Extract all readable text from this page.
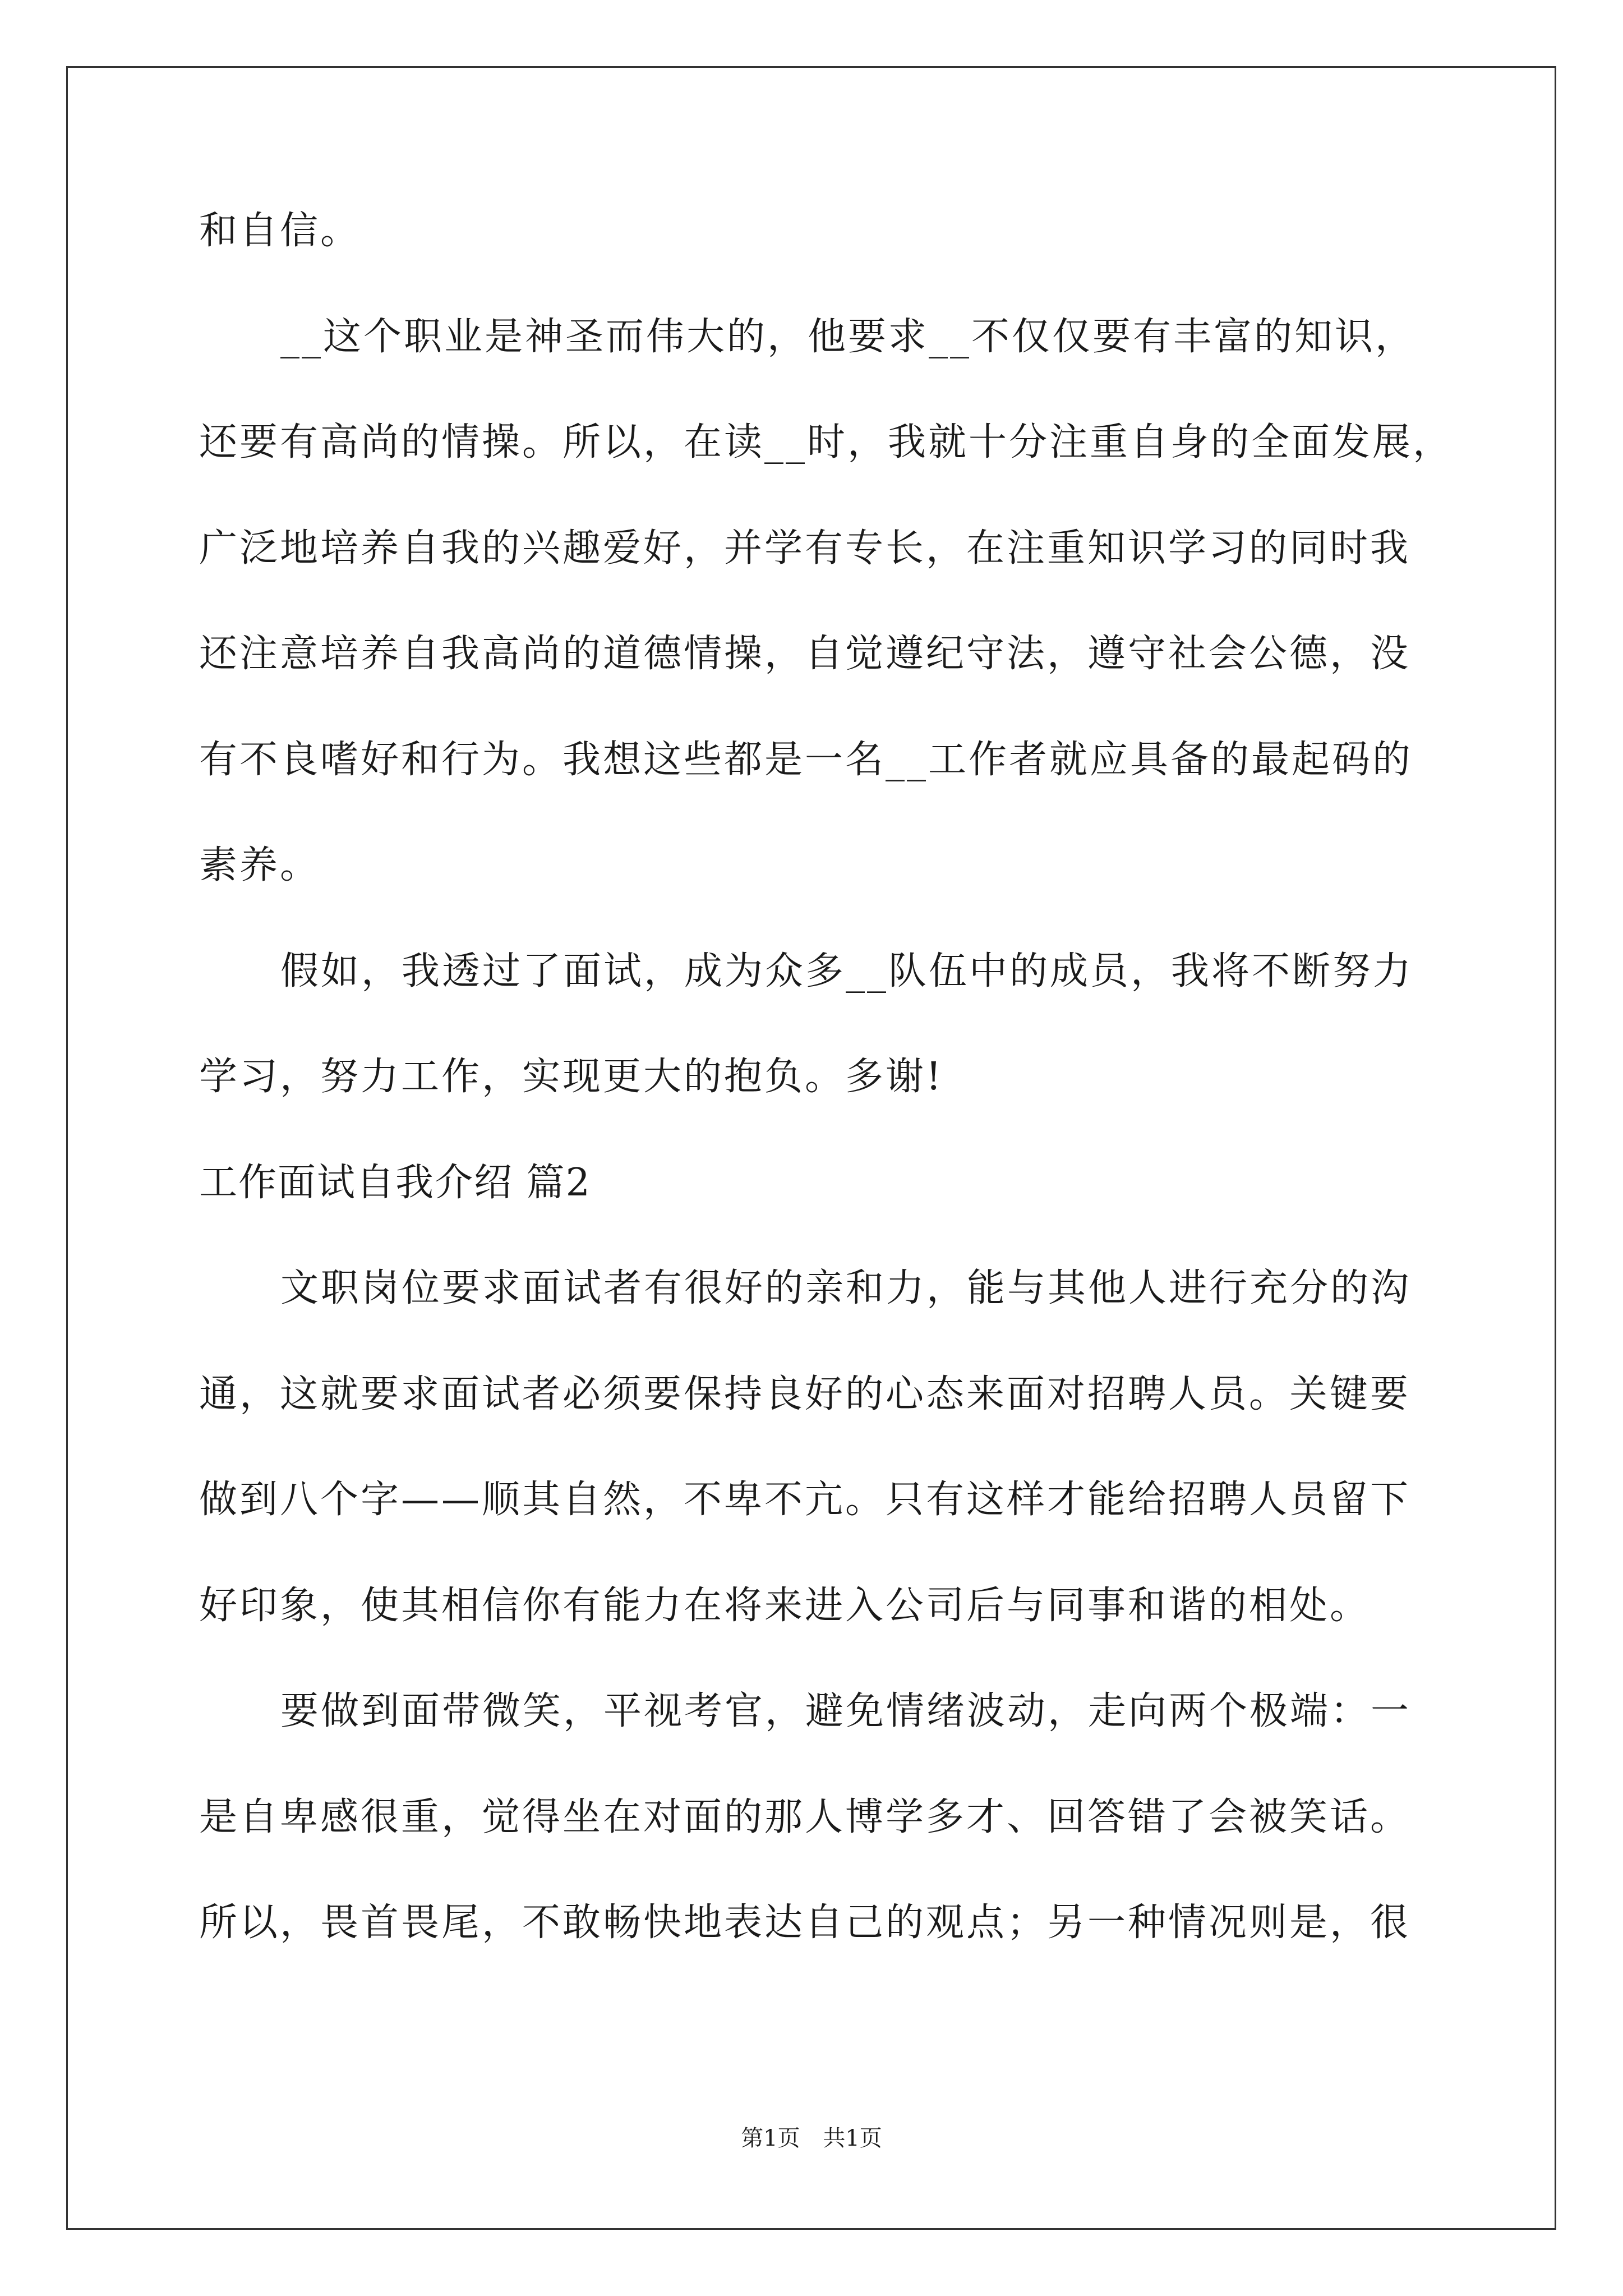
和自信。
__这个职业是神圣而伟大的，他要求__不仅仅要有丰富的知识，
还要有高尚的情操。所以，在读__时，我就十分注重自身的全面发展，
广泛地培养自我的兴趣爱好，并学有专长，在注重知识学习的同时我
还注意培养自我高尚的道德情操，自觉遵纪守法，遵守社会公德，没
有不良嗜好和行为。我想这些都是一名__工作者就应具备的最起码的
素养。
假如，我透过了面试，成为众多__队伍中的成员，我将不断努力
学习，努力工作，实现更大的抱负。多谢!
工作面试自我介绍 篇2
文职岗位要求面试者有很好的亲和力，能与其他人进行充分的沟
通，这就要求面试者必须要保持良好的心态来面对招聘人员。关键要
做到八个字——顺其自然，不卑不亢。只有这样才能给招聘人员留下
好印象，使其相信你有能力在将来进入公司后与同事和谐的相处。
要做到面带微笑，平视考官，避免情绪波动，走向两个极端：一
是自卑感很重，觉得坐在对面的那人博学多才、回答错了会被笑话。
所以，畏首畏尾，不敢畅快地表达自己的观点；另一种情况则是，很
第1页 共1页
